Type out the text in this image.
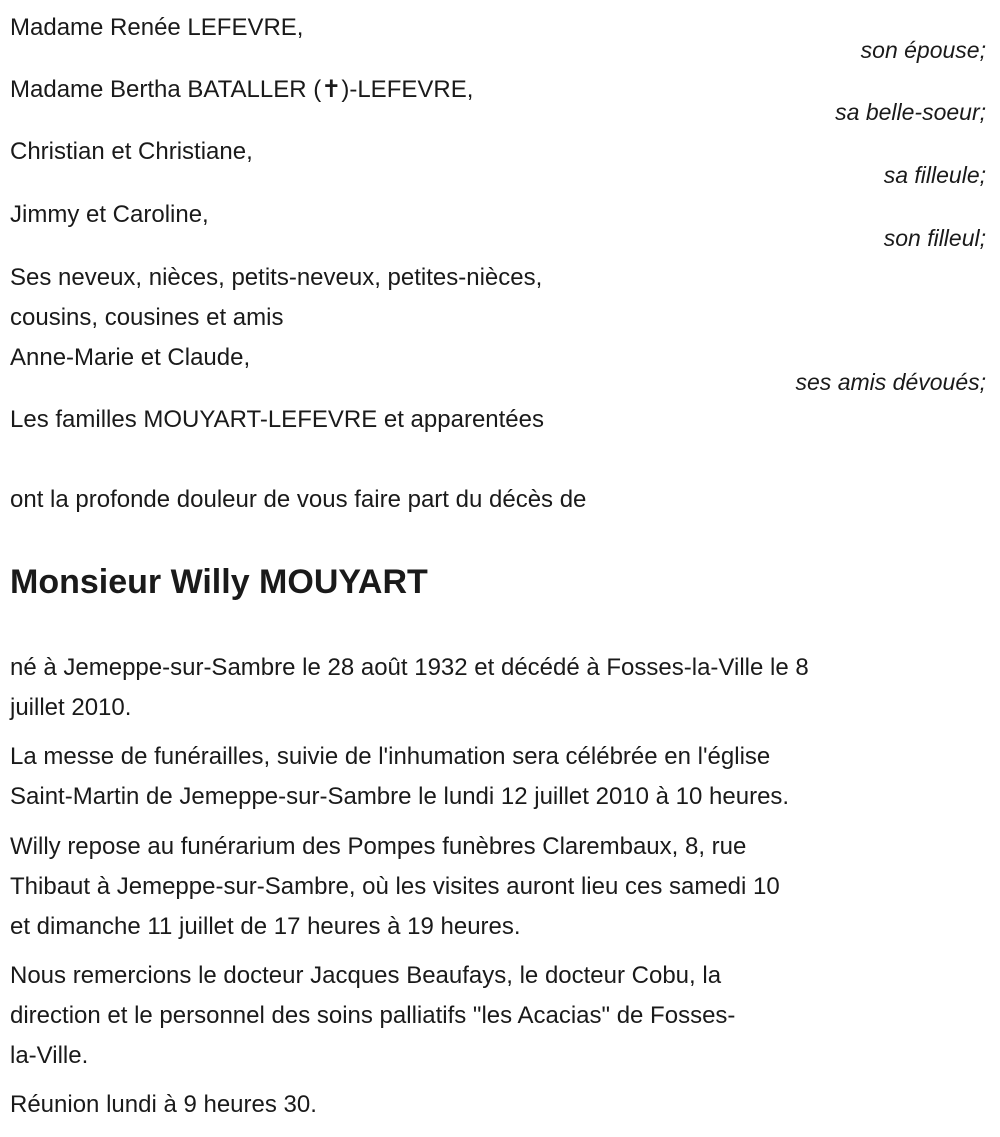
Madame Renée LEFEVRE,
son épouse;
Madame Bertha BATALLER (✝)-LEFEVRE,
sa belle-soeur;
Christian et Christiane,
sa filleule;
Jimmy et Caroline,
son filleul;
Ses neveux, nièces, petits-neveux, petites-nièces,
cousins, cousines et amis
Anne-Marie et Claude,
ses amis dévoués;
Les familles MOUYART-LEFEVRE et apparentées
ont la profonde douleur de vous faire part du décès de
Monsieur Willy MOUYART
né à Jemeppe-sur-Sambre le 28 août 1932 et décédé à Fosses-la-Ville le 8
juillet 2010.
La messe de funérailles, suivie de l'inhumation sera célébrée en l'église
Saint-Martin de Jemeppe-sur-Sambre le lundi 12 juillet 2010 à 10 heures.
Willy repose au funérarium des Pompes funèbres Clarembaux, 8, rue
Thibaut à Jemeppe-sur-Sambre, où les visites auront lieu ces samedi 10
et dimanche 11 juillet de 17 heures à 19 heures.
Nous remercions le docteur Jacques Beaufays, le docteur Cobu, la
direction et le personnel des soins palliatifs "les Acacias" de Fosses-
la-Ville.
Réunion lundi à 9 heures 30.
